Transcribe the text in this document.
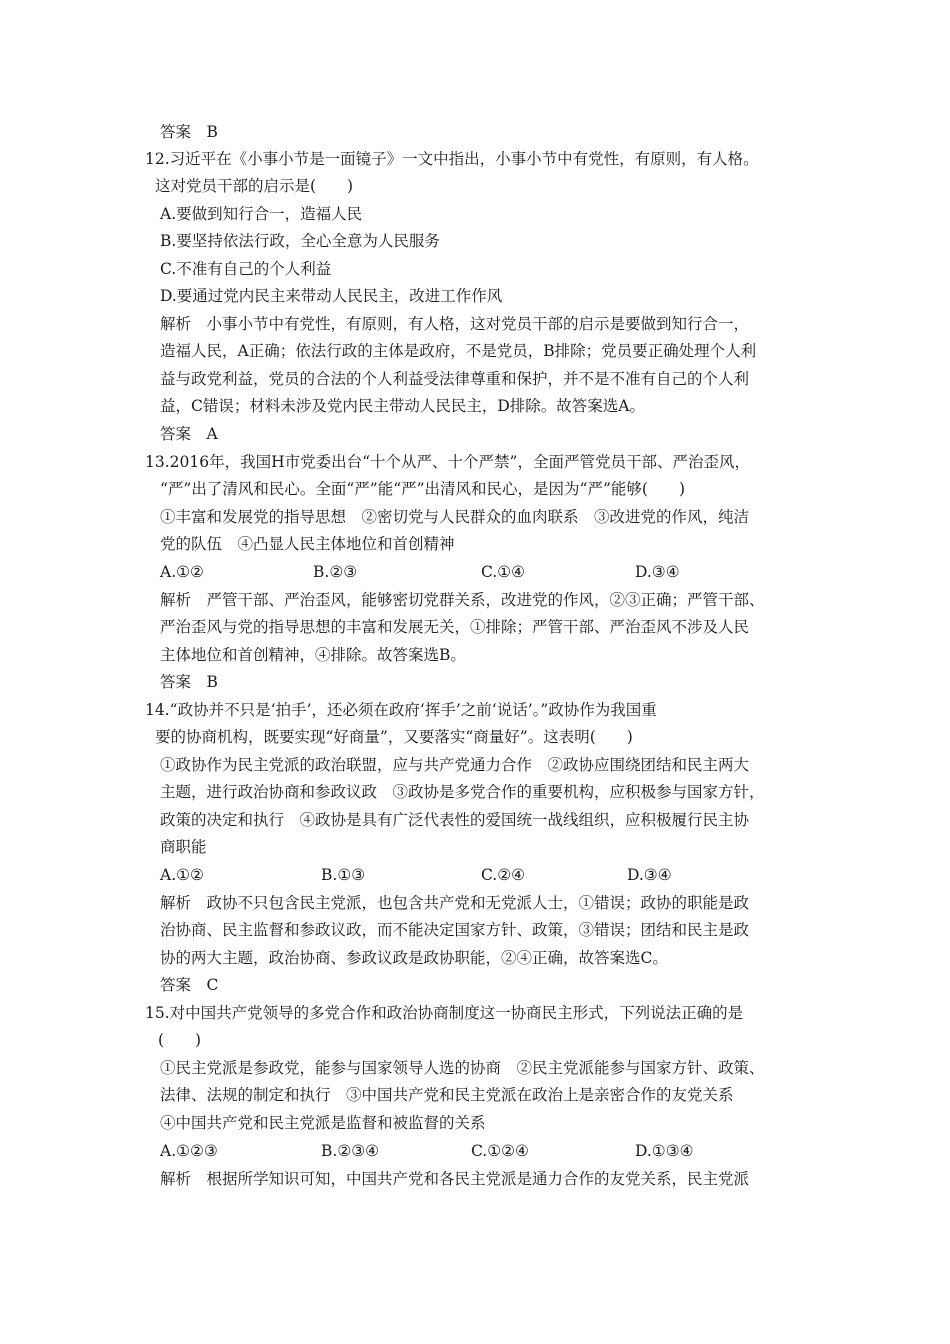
答案　B
12.习近平在《小事小节是一面镜子》一文中指出，小事小节中有党性，有原则，有人格。
这对党员干部的启示是(　　)
A.要做到知行合一，造福人民
B.要坚持依法行政，全心全意为人民服务
C.不准有自己的个人利益
D.要通过党内民主来带动人民民主，改进工作作风
解析　小事小节中有党性，有原则，有人格，这对党员干部的启示是要做到知行合一，
造福人民，A正确；依法行政的主体是政府，不是党员，B排除；党员要正确处理个人利
益与政党利益，党员的合法的个人利益受法律尊重和保护，并不是不准有自己的个人利
益，C错误；材料未涉及党内民主带动人民民主，D排除。故答案选A。
答案　A
13.2016年，我国H市党委出台“十个从严、十个严禁”，全面严管党员干部、严治歪风，
“严”出了清风和民心。全面“严”能“严”出清风和民心，是因为“严”能够(　　)
①丰富和发展党的指导思想　②密切党与人民群众的血肉联系　③改进党的作风，纯洁
党的队伍　④凸显人民主体地位和首创精神
A.①②	B.②③	C.①④	D.③④
解析　严管干部、严治歪风，能够密切党群关系，改进党的作风，②③正确；严管干部、
严治歪风与党的指导思想的丰富和发展无关，①排除；严管干部、严治歪风不涉及人民
主体地位和首创精神，④排除。故答案选B。
答案　B
14.“政协并不只是‘拍手’，还必须在政府‘挥手’之前‘说话’。”政协作为我国重
要的协商机构，既要实现“好商量”，又要落实“商量好”。这表明(　　)
①政协作为民主党派的政治联盟，应与共产党通力合作　②政协应围绕团结和民主两大
主题，进行政治协商和参政议政　③政协是多党合作的重要机构，应积极参与国家方针，
政策的决定和执行　④政协是具有广泛代表性的爱国统一战线组织，应积极履行民主协
商职能
A.①②	B.①③	C.②④	D.③④
解析　政协不只包含民主党派，也包含共产党和无党派人士，①错误；政协的职能是政
治协商、民主监督和参政议政，而不能决定国家方针、政策，③错误；团结和民主是政
协的两大主题，政治协商、参政议政是政协职能，②④正确，故答案选C。
答案　C
15.对中国共产党领导的多党合作和政治协商制度这一协商民主形式，下列说法正确的是
(　　)
①民主党派是参政党，能参与国家领导人选的协商　②民主党派能参与国家方针、政策、
法律、法规的制定和执行　③中国共产党和民主党派在政治上是亲密合作的友党关系
④中国共产党和民主党派是监督和被监督的关系
A.①②③	B.②③④	C.①②④	D.①③④
解析　根据所学知识可知，中国共产党和各民主党派是通力合作的友党关系，民主党派
